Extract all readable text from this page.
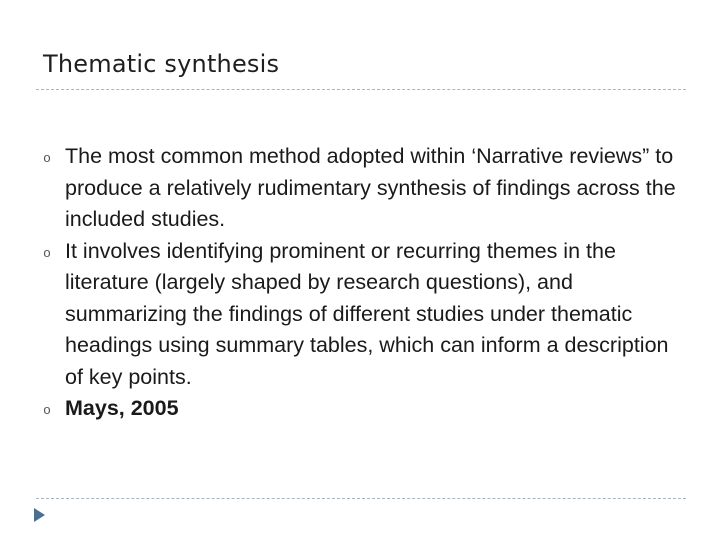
Thematic synthesis
o The most common method adopted within ‘Narrative reviews” to produce a relatively rudimentary synthesis of findings across the included studies.
o It involves identifying prominent or recurring themes in the literature (largely shaped by research questions), and summarizing the findings of different studies under thematic headings using summary tables, which can inform a description of key points.
o Mays, 2005
